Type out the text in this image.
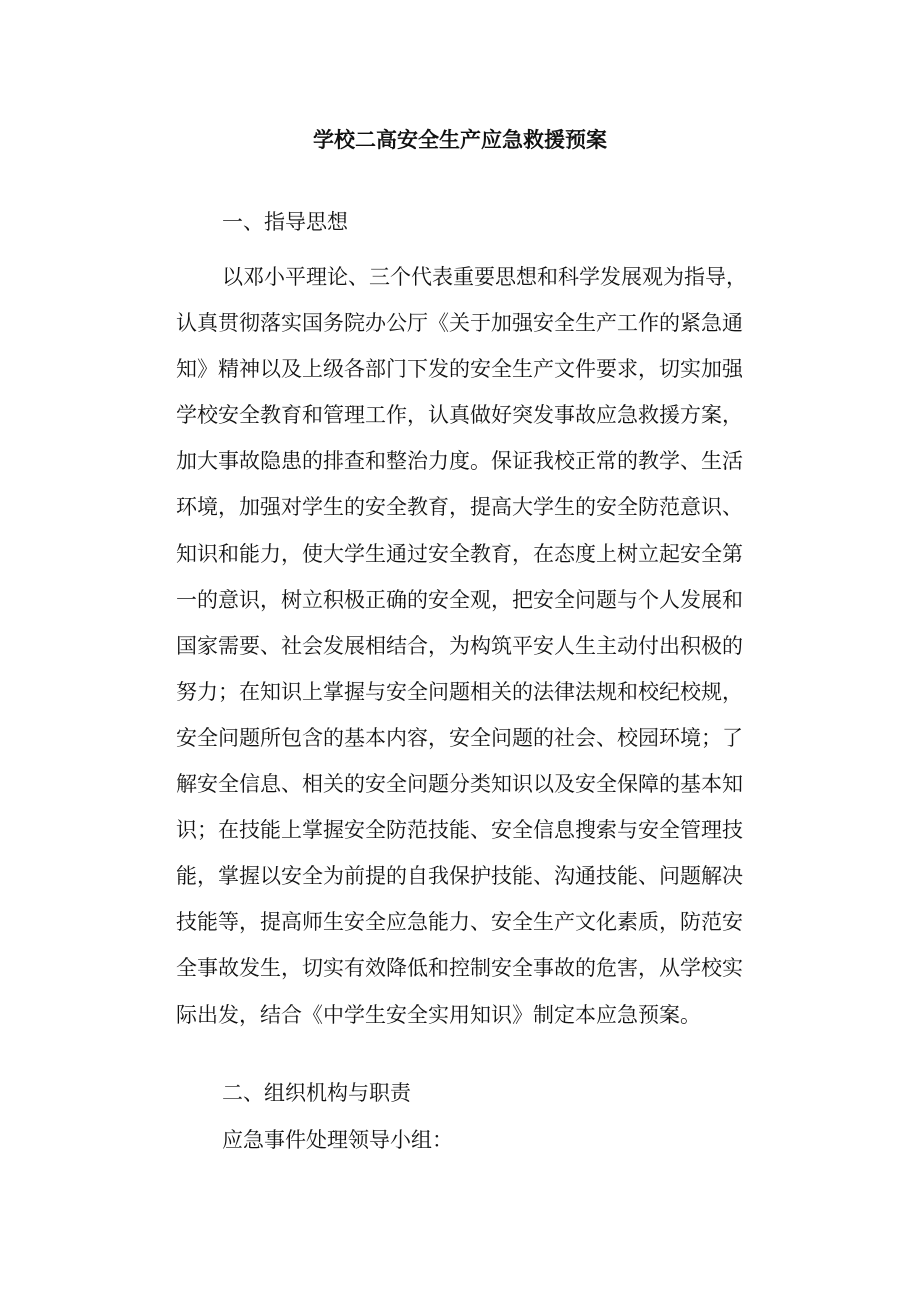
学校二高安全生产应急救援预案
一、指导思想
以邓小平理论、三个代表重要思想和科学发展观为指导，
认真贯彻落实国务院办公厅《关于加强安全生产工作的紧急通
知》精神以及上级各部门下发的安全生产文件要求，切实加强
学校安全教育和管理工作，认真做好突发事故应急救援方案，
加大事故隐患的排查和整治力度。保证我校正常的教学、生活
环境，加强对学生的安全教育，提高大学生的安全防范意识、
知识和能力，使大学生通过安全教育，在态度上树立起安全第
一的意识，树立积极正确的安全观，把安全问题与个人发展和
国家需要、社会发展相结合，为构筑平安人生主动付出积极的
努力；在知识上掌握与安全问题相关的法律法规和校纪校规，
安全问题所包含的基本内容，安全问题的社会、校园环境；了
解安全信息、相关的安全问题分类知识以及安全保障的基本知
识；在技能上掌握安全防范技能、安全信息搜索与安全管理技
能，掌握以安全为前提的自我保护技能、沟通技能、问题解决
技能等，提高师生安全应急能力、安全生产文化素质，防范安
全事故发生，切实有效降低和控制安全事故的危害，从学校实
际出发，结合《中学生安全实用知识》制定本应急预案。
二、组织机构与职责
应急事件处理领导小组：
